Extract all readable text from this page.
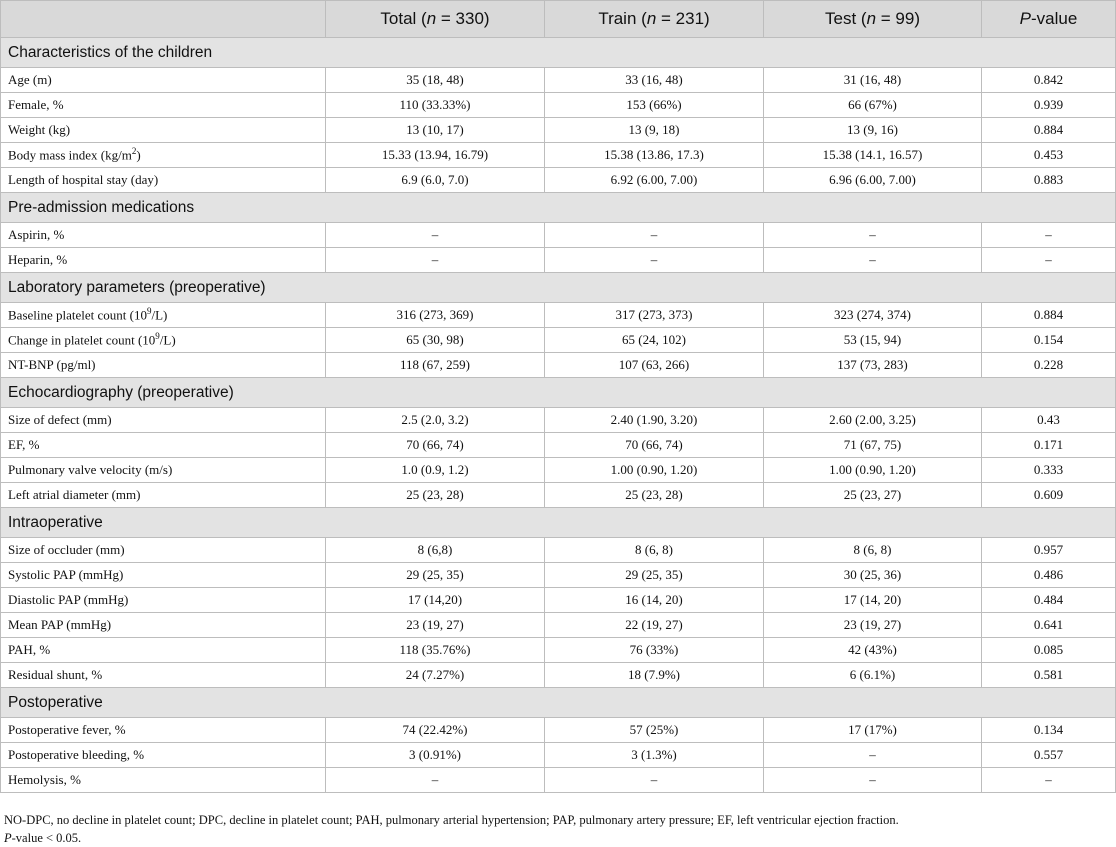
	Total (n = 330)	Train (n = 231)	Test (n = 99)	P-value
Characteristics of the children				
Age (m)	35 (18, 48)	33 (16, 48)	31 (16, 48)	0.842
Female, %	110 (33.33%)	153 (66%)	66 (67%)	0.939
Weight (kg)	13 (10, 17)	13 (9, 18)	13 (9, 16)	0.884
Body mass index $(kg/m^2)$	15.33 (13.94, 16.79)	15.38 (13.86, 17.3)	15.38 (14.1, 16.57)	0.453
Length of hospital stay (day)	6.9 (6.0, 7.0)	6.92 (6.00, 7.00)	6.96 (6.00, 7.00)	0.883
Pre-admission medications				
Aspirin, %	–	–	–	–
Heparin, %	–	–	–	–
Laboratory parameters (preoperative)				
Baseline platelet count $(10^9/L)$	316 (273, 369)	317 (273, 373)	323 (274, 374)	0.884
Change in platelet count $(10^9/L)$	65 (30, 98)	65 (24, 102)	53 (15, 94)	0.154
NT-BNP (pg/ml)	118 (67, 259)	107 (63, 266)	137 (73, 283)	0.228
Echocardiography (preoperative)				
Size of defect (mm)	2.5 (2.0, 3.2)	2.40 (1.90, 3.20)	2.60 (2.00, 3.25)	0.43
EF, %	70 (66, 74)	70 (66, 74)	71 (67, 75)	0.171
Pulmonary valve velocity (m/s)	1.0 (0.9, 1.2)	1.00 (0.90, 1.20)	1.00 (0.90, 1.20)	0.333
Left atrial diameter (mm)	25 (23, 28)	25 (23, 28)	25 (23, 27)	0.609
Intraoperative				
Size of occluder (mm)	8 (6,8)	8 (6, 8)	8 (6, 8)	0.957
Systolic PAP (mmHg)	29 (25, 35)	29 (25, 35)	30 (25, 36)	0.486
Diastolic PAP (mmHg)	17 (14,20)	16 (14, 20)	17 (14, 20)	0.484
Mean PAP (mmHg)	23 (19, 27)	22 (19, 27)	23 (19, 27)	0.641
PAH, %	118 (35.76%)	76 (33%)	42 (43%)	0.085
Residual shunt, %	24 (7.27%)	18 (7.9%)	6 (6.1%)	0.581
Postoperative				
Postoperative fever, %	74 (22.42%)	57 (25%)	17 (17%)	0.134
Postoperative bleeding, %	3 (0.91%)	3 (1.3%)	–	0.557
Hemolysis, %	–	–	–	–

NO-DPC, no decline in platelet count; DPC, decline in platelet count; PAH, pulmonary arterial hypertension; PAP, pulmonary artery pressure; EF, left ventricular ejection fraction.

P-value < 0.05.
